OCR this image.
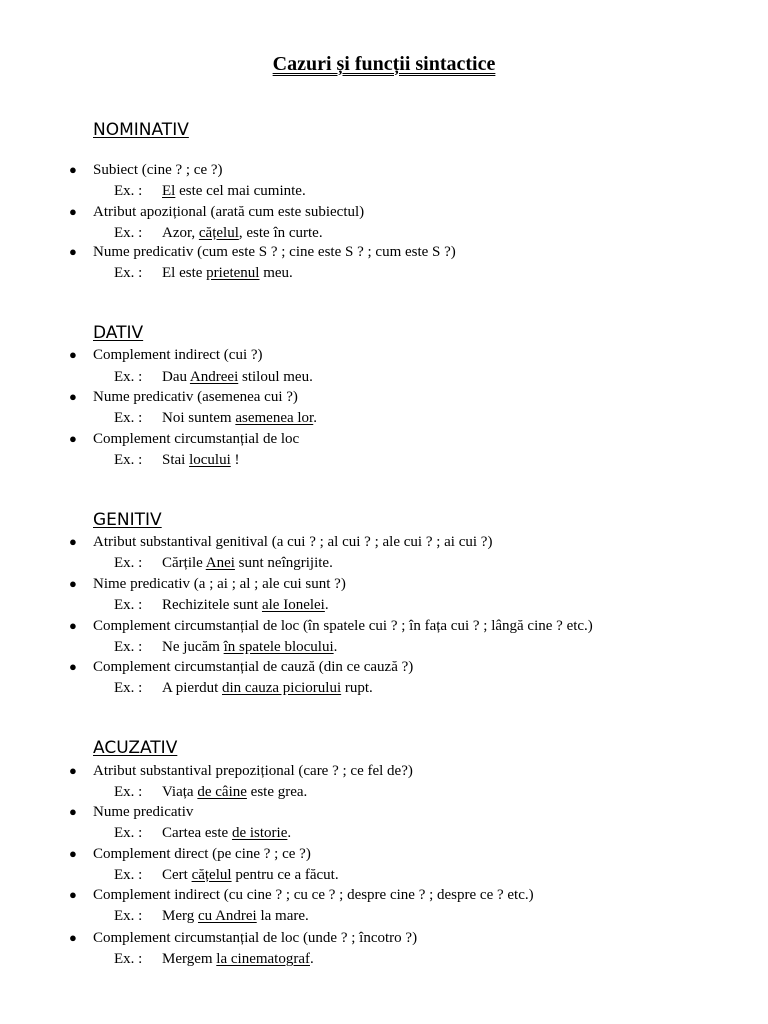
Cazuri și funcții sintactice
NOMINATIV
● Subiect (cine ? ; ce ?)
Ex. : El este cel mai cuminte.
● Atribut apozițional (arată cum este subiectul)
Ex. : Azor, cățelul, este în curte.
● Nume predicativ (cum este S ? ; cine este S ? ; cum este S ?)
Ex. : El este prietenul meu.
DATIV
● Complement indirect (cui ?)
Ex. : Dau Andreei stiloul meu.
● Nume predicativ (asemenea cui ?)
Ex. : Noi suntem asemenea lor.
● Complement circumstanțial de loc
Ex. : Stai locului !
GENITIV
● Atribut substantival genitival (a cui ? ; al cui ? ; ale cui ? ; ai cui ?)
Ex. : Cărțile Anei sunt neîngrijite.
● Nime predicativ (a ; ai ; al ; ale cui sunt ?)
Ex. : Rechizitele sunt ale Ionelei.
● Complement circumstanțial de loc (în spatele cui ? ; în fața cui ? ; lângă cine ? etc.)
Ex. : Ne jucăm în spatele blocului.
● Complement circumstanțial de cauză (din ce cauză ?)
Ex. : A pierdut din cauza piciorului rupt.
ACUZATIV
● Atribut substantival prepozițional (care ? ; ce fel de?)
Ex. : Viața de câine este grea.
● Nume predicativ
Ex. : Cartea este de istorie.
● Complement direct (pe cine ? ; ce ?)
Ex. : Cert cățelul pentru ce a făcut.
● Complement indirect (cu cine ? ; cu ce ? ; despre cine ? ; despre ce ? etc.)
Ex. : Merg cu Andrei la mare.
● Complement circumstanțial de loc (unde ? ; încotro ?)
Ex. : Mergem la cinematograf.
